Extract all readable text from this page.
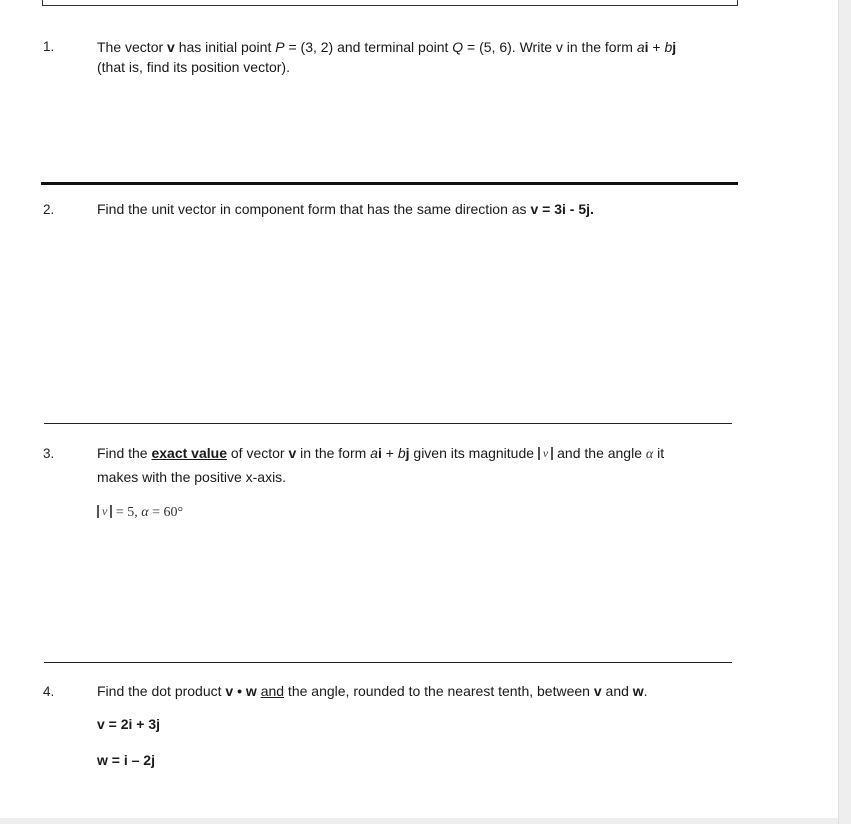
1.	The vector v has initial point P = (3, 2) and terminal point Q = (5, 6). Write v in the form ai + bj
(that is, find its position vector).
2.	Find the unit vector in component form that has the same direction as v = 3i - 5j.
3.	Find the exact value of vector v in the form ai + bj given its magnitude v and the angle α it
makes with the positive x-axis.
v = 5, α = 60°
4.	Find the dot product v • w and the angle, rounded to the nearest tenth, between v and w.
v = 2i + 3j
w = i – 2j
